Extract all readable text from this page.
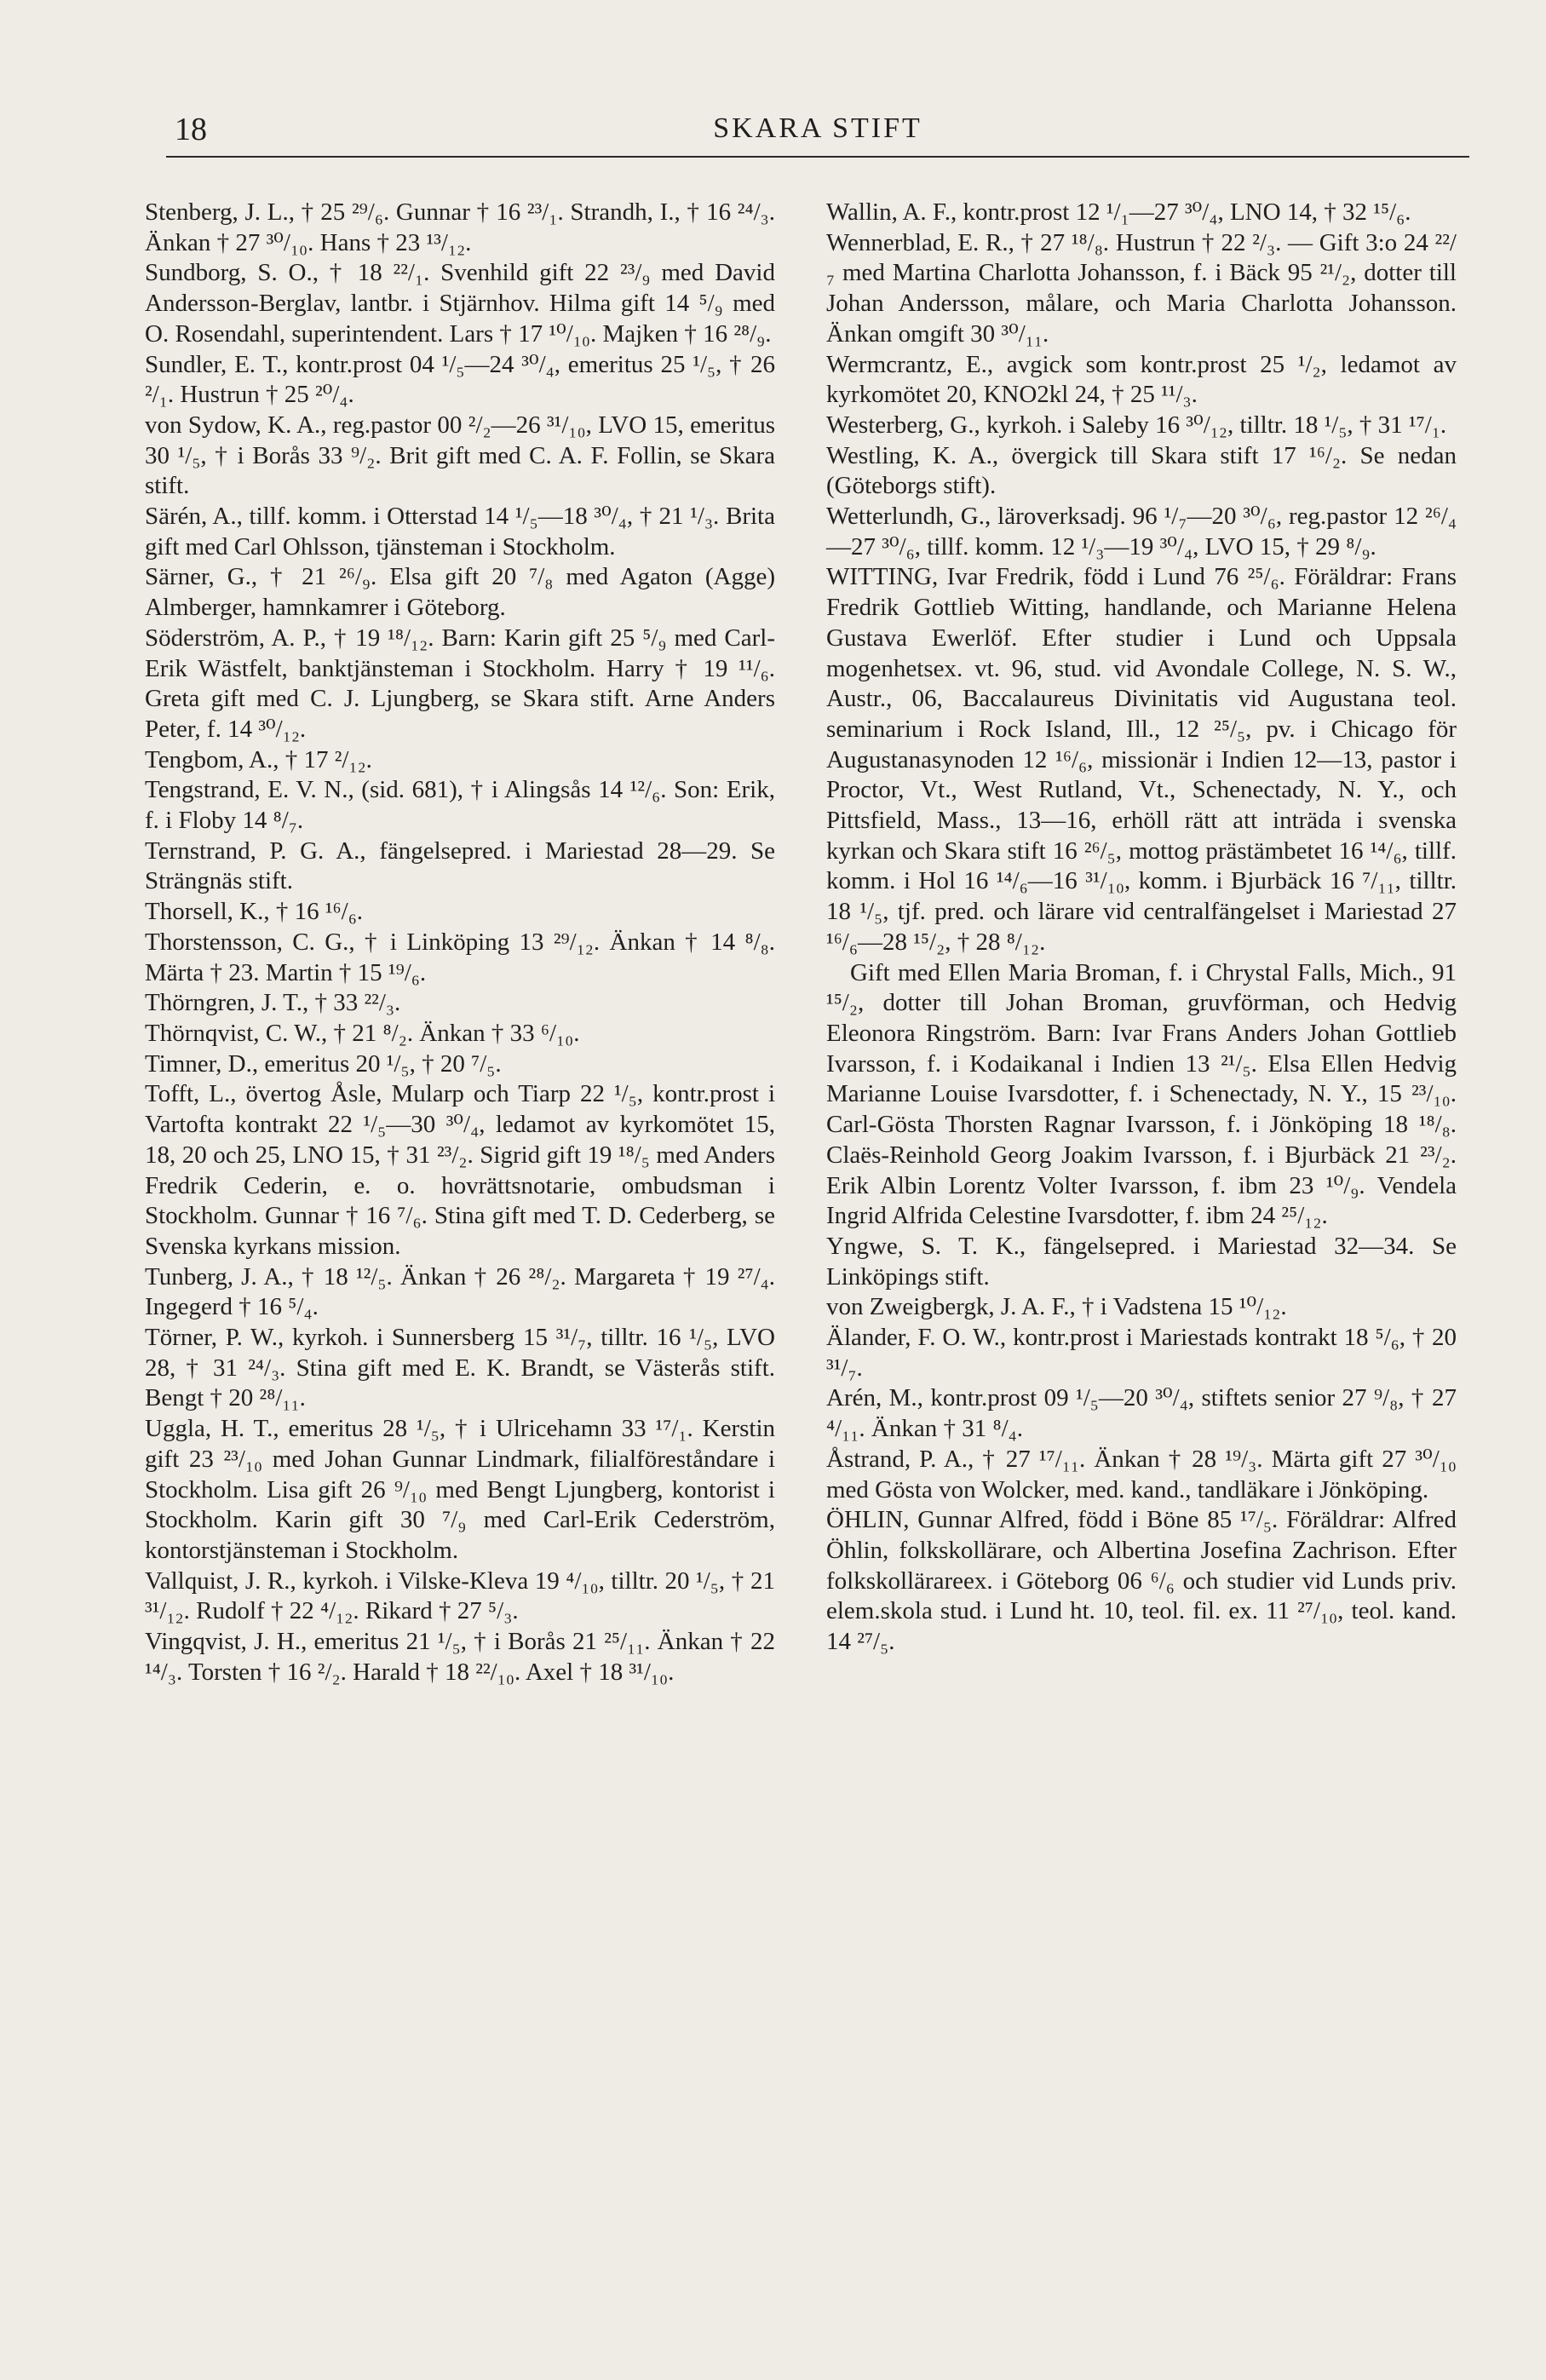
18	SKARA STIFT

Stenberg, J. L., † 25 ²⁹/₆. Gunnar † 16 ²³/₁. Strandh, I., † 16 ²⁴/₃. Änkan † 27 ³⁰/₁₀. Hans † 23 ¹³/₁₂.

Sundborg, S. O., † 18 ²²/₁. Svenhild gift 22 ²³/₉ med David Andersson-Berglav, lantbr. i Stjärnhov. Hilma gift 14 ⁵/₉ med O. Rosendahl, superintendent. Lars † 17 ¹⁰/₁₀. Majken † 16 ²⁸/₉.

Sundler, E. T., kontr.prost 04 ¹/₅—24 ³⁰/₄, emeritus 25 ¹/₅, † 26 ²/₁. Hustrun † 25 ²⁰/₄.

von Sydow, K. A., reg.pastor 00 ²/₂—26 ³¹/₁₀, LVO 15, emeritus 30 ¹/₅, † i Borås 33 ⁹/₂. Brit gift med C. A. F. Follin, se Skara stift.

Särén, A., tillf. komm. i Otterstad 14 ¹/₅—18 ³⁰/₄, † 21 ¹/₃. Brita gift med Carl Ohlsson, tjänsteman i Stockholm.

Särner, G., † 21 ²⁶/₉. Elsa gift 20 ⁷/₈ med Agaton (Agge) Almberger, hamnkamrer i Göteborg.

Söderström, A. P., † 19 ¹⁸/₁₂. Barn: Karin gift 25 ⁵/₉ med Carl-Erik Wästfelt, banktjänsteman i Stockholm. Harry † 19 ¹¹/₆. Greta gift med C. J. Ljungberg, se Skara stift. Arne Anders Peter, f. 14 ³⁰/₁₂.

Tengbom, A., † 17 ²/₁₂.

Tengstrand, E. V. N., (sid. 681), † i Alingsås 14 ¹²/₆. Son: Erik, f. i Floby 14 ⁸/₇.

Ternstrand, P. G. A., fängelsepred. i Mariestad 28—29. Se Strängnäs stift.

Thorsell, K., † 16 ¹⁶/₆.

Thorstensson, C. G., † i Linköping 13 ²⁹/₁₂. Änkan † 14 ⁸/₈. Märta † 23. Martin † 15 ¹⁹/₆.

Thörngren, J. T., † 33 ²²/₃.

Thörnqvist, C. W., † 21 ⁸/₂. Änkan † 33 ⁶/₁₀.

Timner, D., emeritus 20 ¹/₅, † 20 ⁷/₅.

Tofft, L., övertog Åsle, Mularp och Tiarp 22 ¹/₅, kontr.prost i Vartofta kontrakt 22 ¹/₅—30 ³⁰/₄, ledamot av kyrkomötet 15, 18, 20 och 25, LNO 15, † 31 ²³/₂. Sigrid gift 19 ¹⁸/₅ med Anders Fredrik Cederin, e. o. hovrättsnotarie, ombudsman i Stockholm. Gunnar † 16 ⁷/₆. Stina gift med T. D. Cederberg, se Svenska kyrkans mission.

Tunberg, J. A., † 18 ¹²/₅. Änkan † 26 ²⁸/₂. Margareta † 19 ²⁷/₄. Ingegerd † 16 ⁵/₄.

Törner, P. W., kyrkoh. i Sunnersberg 15 ³¹/₇, tilltr. 16 ¹/₅, LVO 28, † 31 ²⁴/₃. Stina gift med E. K. Brandt, se Västerås stift. Bengt † 20 ²⁸/₁₁.

Uggla, H. T., emeritus 28 ¹/₅, † i Ulricehamn 33 ¹⁷/₁. Kerstin gift 23 ²³/₁₀ med Johan Gunnar Lindmark, filialföreståndare i Stockholm. Lisa gift 26 ⁹/₁₀ med Bengt Ljungberg, kontorist i Stockholm. Karin gift 30 ⁷/₉ med Carl-Erik Cederström, kontorstjänsteman i Stockholm.

Vallquist, J. R., kyrkoh. i Vilske-Kleva 19 ⁴/₁₀, tilltr. 20 ¹/₅, † 21 ³¹/₁₂. Rudolf † 22 ⁴/₁₂. Rikard † 27 ⁵/₃.

Vingqvist, J. H., emeritus 21 ¹/₅, † i Borås 21 ²⁵/₁₁. Änkan † 22 ¹⁴/₃. Torsten † 16 ²/₂. Harald † 18 ²²/₁₀. Axel † 18 ³¹/₁₀.

Wallin, A. F., kontr.prost 12 ¹/₁—27 ³⁰/₄, LNO 14, † 32 ¹⁵/₆.

Wennerblad, E. R., † 27 ¹⁸/₈. Hustrun † 22 ²/₃. — Gift 3:o 24 ²²/₇ med Martina Charlotta Johansson, f. i Bäck 95 ²¹/₂, dotter till Johan Andersson, målare, och Maria Charlotta Johansson. Änkan omgift 30 ³⁰/₁₁.

Wermcrantz, E., avgick som kontr.prost 25 ¹/₂, ledamot av kyrkomötet 20, KNO2kl 24, † 25 ¹¹/₃.

Westerberg, G., kyrkoh. i Saleby 16 ³⁰/₁₂, tilltr. 18 ¹/₅, † 31 ¹⁷/₁.

Westling, K. A., övergick till Skara stift 17 ¹⁶/₂. Se nedan (Göteborgs stift).

Wetterlundh, G., läroverksadj. 96 ¹/₇—20 ³⁰/₆, reg.pastor 12 ²⁶/₄—27 ³⁰/₆, tillf. komm. 12 ¹/₃—19 ³⁰/₄, LVO 15, † 29 ⁸/₉.

WITTING, Ivar Fredrik, född i Lund 76 ²⁵/₆. Föräldrar: Frans Fredrik Gottlieb Witting, handlande, och Marianne Helena Gustava Ewerlöf. Efter studier i Lund och Uppsala mogenhetsex. vt. 96, stud. vid Avondale College, N. S. W., Austr., 06, Baccalaureus Divinitatis vid Augustana teol. seminarium i Rock Island, Ill., 12 ²⁵/₅, pv. i Chicago för Augustanasynoden 12 ¹⁶/₆, missionär i Indien 12—13, pastor i Proctor, Vt., West Rutland, Vt., Schenectady, N. Y., och Pittsfield, Mass., 13—16, erhöll rätt att inträda i svenska kyrkan och Skara stift 16 ²⁶/₅, mottog prästämbetet 16 ¹⁴/₆, tillf. komm. i Hol 16 ¹⁴/₆—16 ³¹/₁₀, komm. i Bjurbäck 16 ⁷/₁₁, tilltr. 18 ¹/₅, tjf. pred. och lärare vid centralfängelset i Mariestad 27 ¹⁶/₆—28 ¹⁵/₂, † 28 ⁸/₁₂.

Gift med Ellen Maria Broman, f. i Chrystal Falls, Mich., 91 ¹⁵/₂, dotter till Johan Broman, gruvförman, och Hedvig Eleonora Ringström. Barn: Ivar Frans Anders Johan Gottlieb Ivarsson, f. i Kodaikanal i Indien 13 ²¹/₅. Elsa Ellen Hedvig Marianne Louise Ivarsdotter, f. i Schenectady, N. Y., 15 ²³/₁₀. Carl-Gösta Thorsten Ragnar Ivarsson, f. i Jönköping 18 ¹⁸/₈. Claës-Reinhold Georg Joakim Ivarsson, f. i Bjurbäck 21 ²³/₂. Erik Albin Lorentz Volter Ivarsson, f. ibm 23 ¹⁰/₉. Vendela Ingrid Alfrida Celestine Ivarsdotter, f. ibm 24 ²⁵/₁₂.

Yngwe, S. T. K., fängelsepred. i Mariestad 32—34. Se Linköpings stift.

von Zweigbergk, J. A. F., † i Vadstena 15 ¹⁰/₁₂.

Älander, F. O. W., kontr.prost i Mariestads kontrakt 18 ⁵/₆, † 20 ³¹/₇.

Arén, M., kontr.prost 09 ¹/₅—20 ³⁰/₄, stiftets senior 27 ⁹/₈, † 27 ⁴/₁₁. Änkan † 31 ⁸/₄.

Åstrand, P. A., † 27 ¹⁷/₁₁. Änkan † 28 ¹⁹/₃. Märta gift 27 ³⁰/₁₀ med Gösta von Wolcker, med. kand., tandläkare i Jönköping.

ÖHLIN, Gunnar Alfred, född i Böne 85 ¹⁷/₅. Föräldrar: Alfred Öhlin, folkskollärare, och Albertina Josefina Zachrison. Efter folkskollärareex. i Göteborg 06 ⁶/₆ och studier vid Lunds priv. elem.skola stud. i Lund ht. 10, teol. fil. ex. 11 ²⁷/₁₀, teol. kand. 14 ²⁷/₅.
